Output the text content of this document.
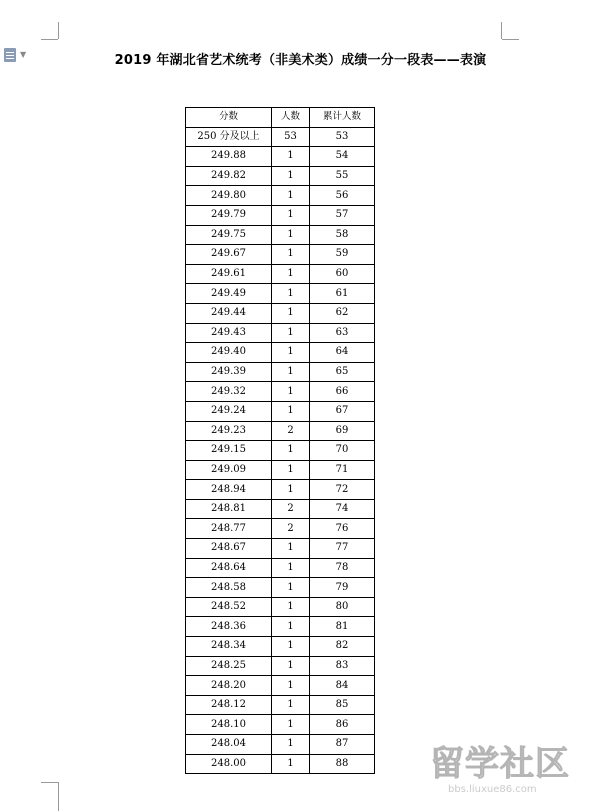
▼	2019 年湖北省艺术统考（非美术类）成绩一分一段表——表演
分数	人数	累计人数
250 分及以上	53	53
249.88	1	54
249.82	1	55
249.80	1	56
249.79	1	57
249.75	1	58
249.67	1	59
249.61	1	60
249.49	1	61
249.44	1	62
249.43	1	63
249.40	1	64
249.39	1	65
249.32	1	66
249.24	1	67
249.23	2	69
249.15	1	70
249.09	1	71
248.94	1	72
248.81	2	74
248.77	2	76
248.67	1	77
248.64	1	78
248.58	1	79
248.52	1	80
248.36	1	81
248.34	1	82
248.25	1	83
248.20	1	84
248.12	1	85
248.10	1	86
248.04	1	87
248.00	1	88 留学社区
bbs.liuxue86.com
